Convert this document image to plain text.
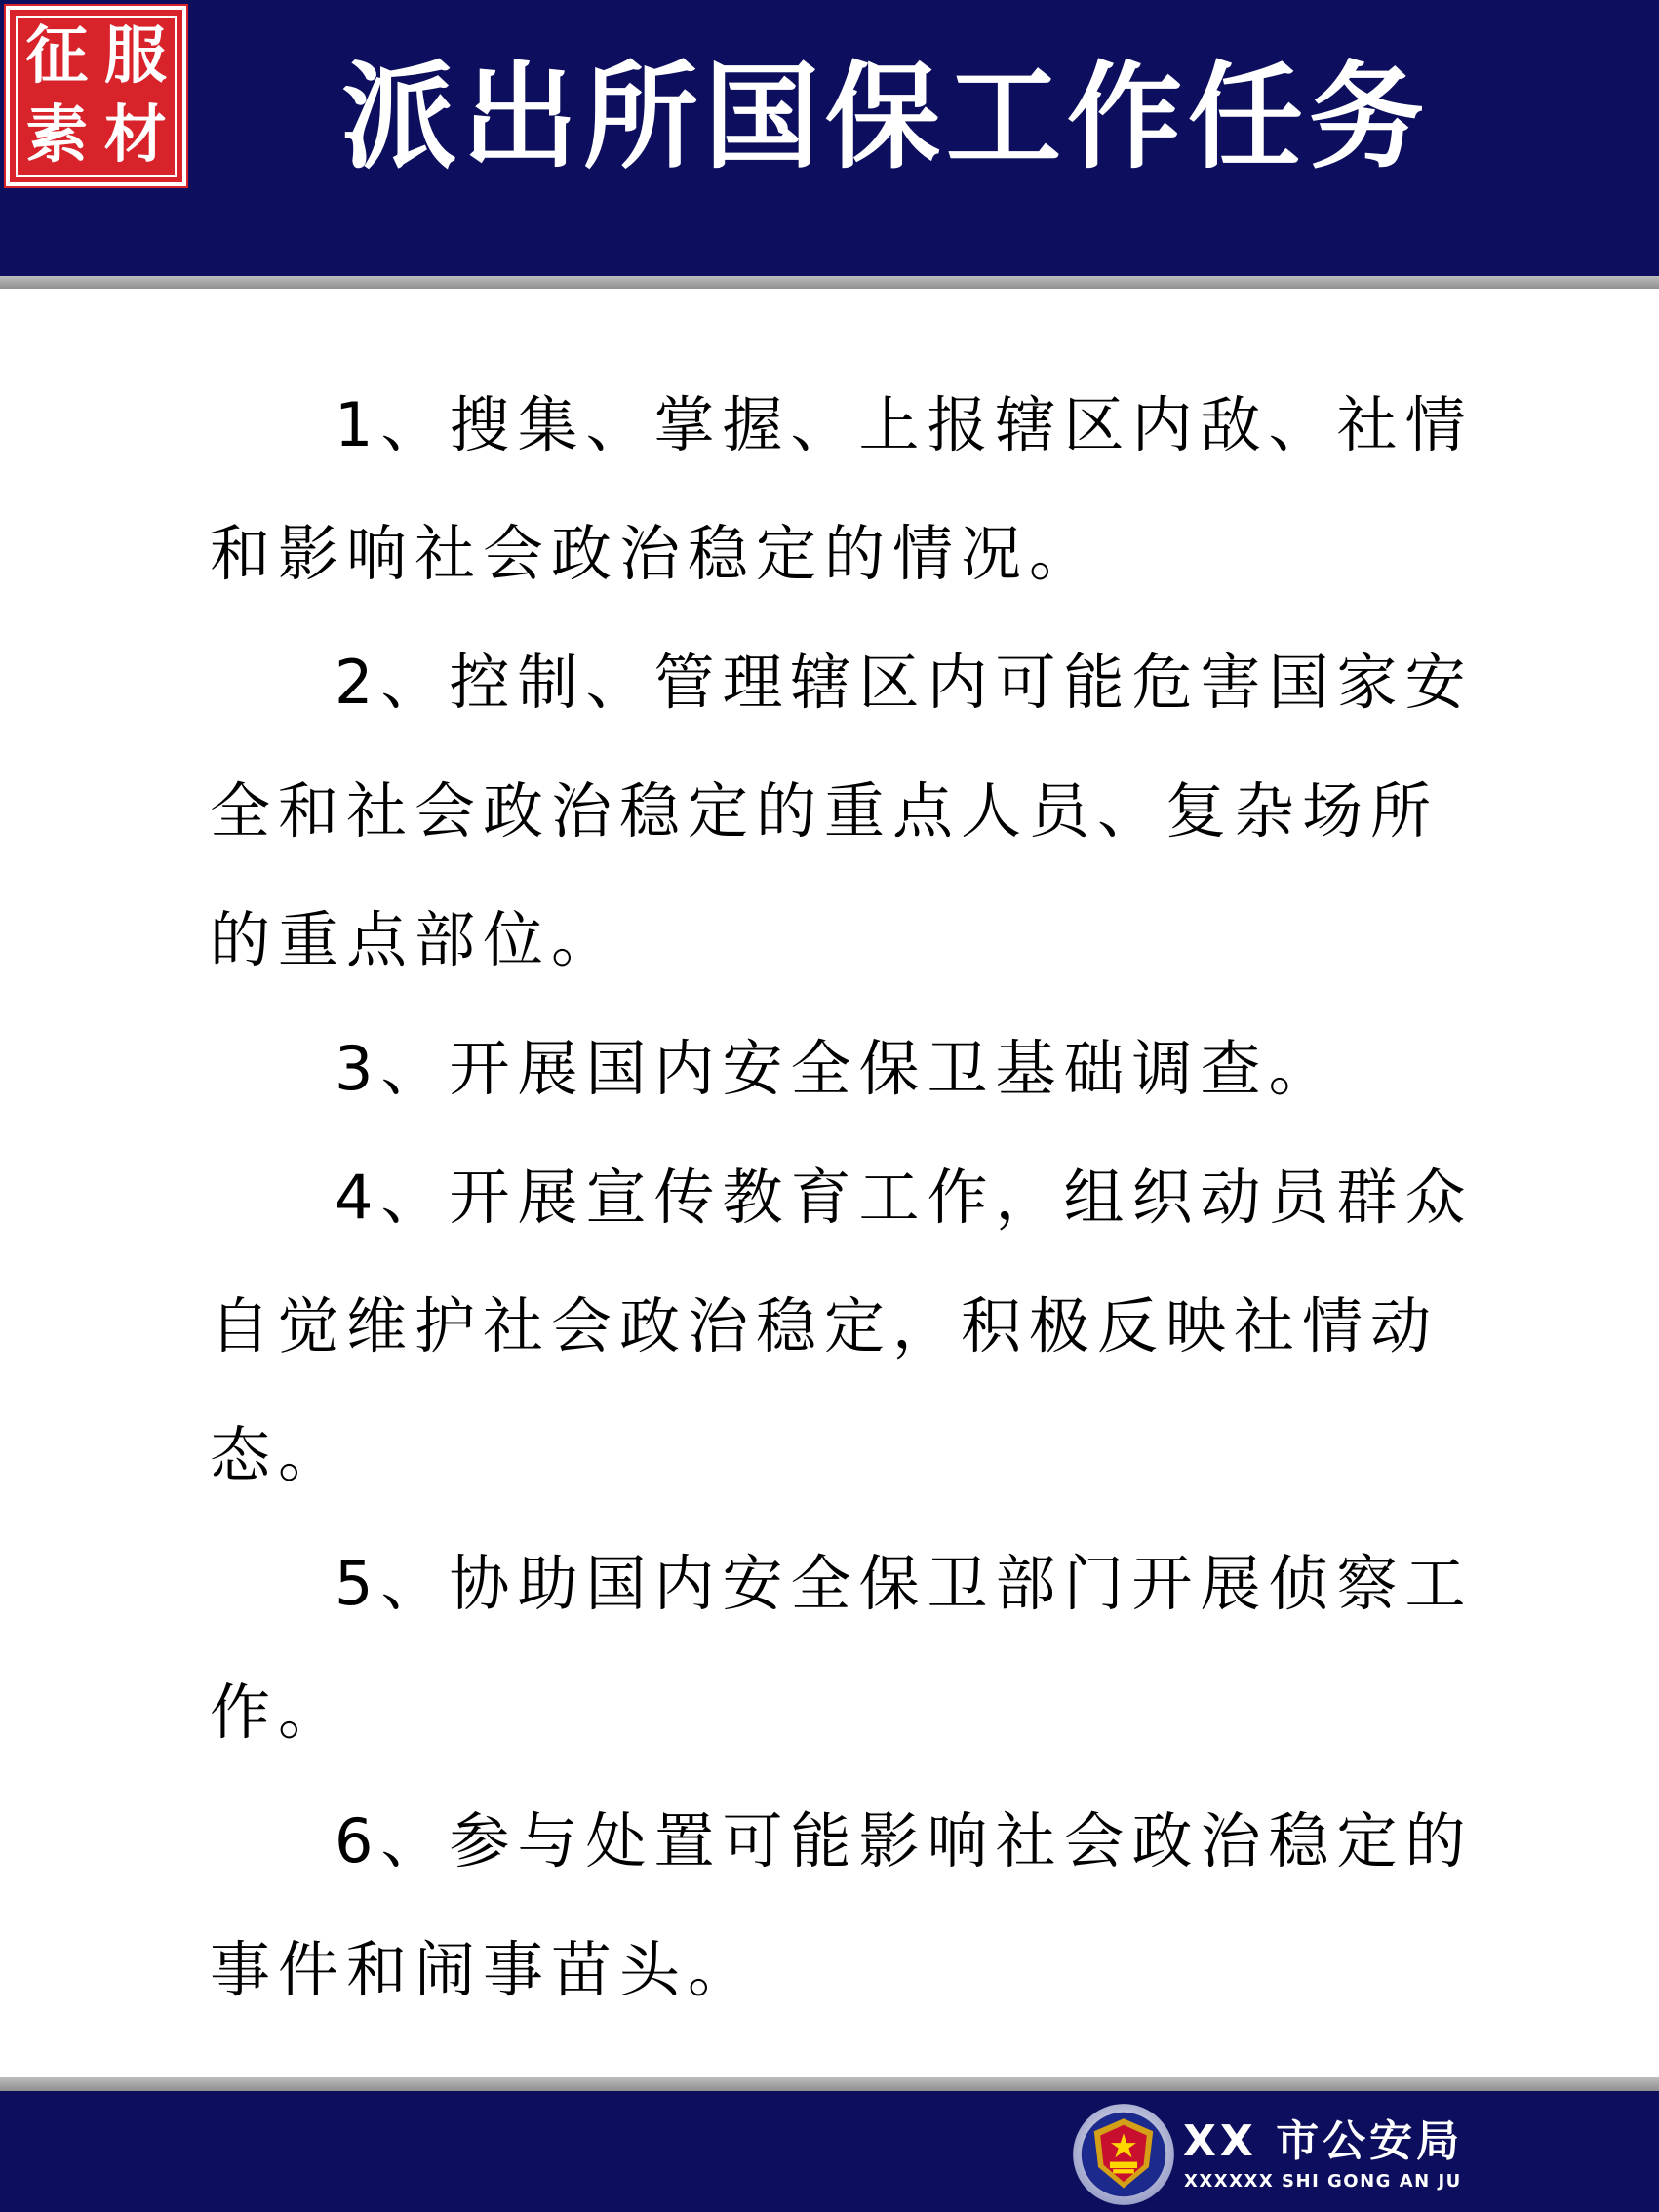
征 服
素 材 派出所国保工作任务

1、搜集、掌握、上报辖区内敌、社情和影响社会政治稳定的情况。

2、控制、管理辖区内可能危害国家安全和社会政治稳定的重点人员、复杂场所的重点部位。

3、开展国内安全保卫基础调查。

4、开展宣传教育工作，组织动员群众自觉维护社会政治稳定，积极反映社情动态。

5、协助国内安全保卫部门开展侦察工作。

6、参与处置可能影响社会政治稳定的事件和闹事苗头。

XX 市公安局
XXXXXX SHI GONG AN JU
